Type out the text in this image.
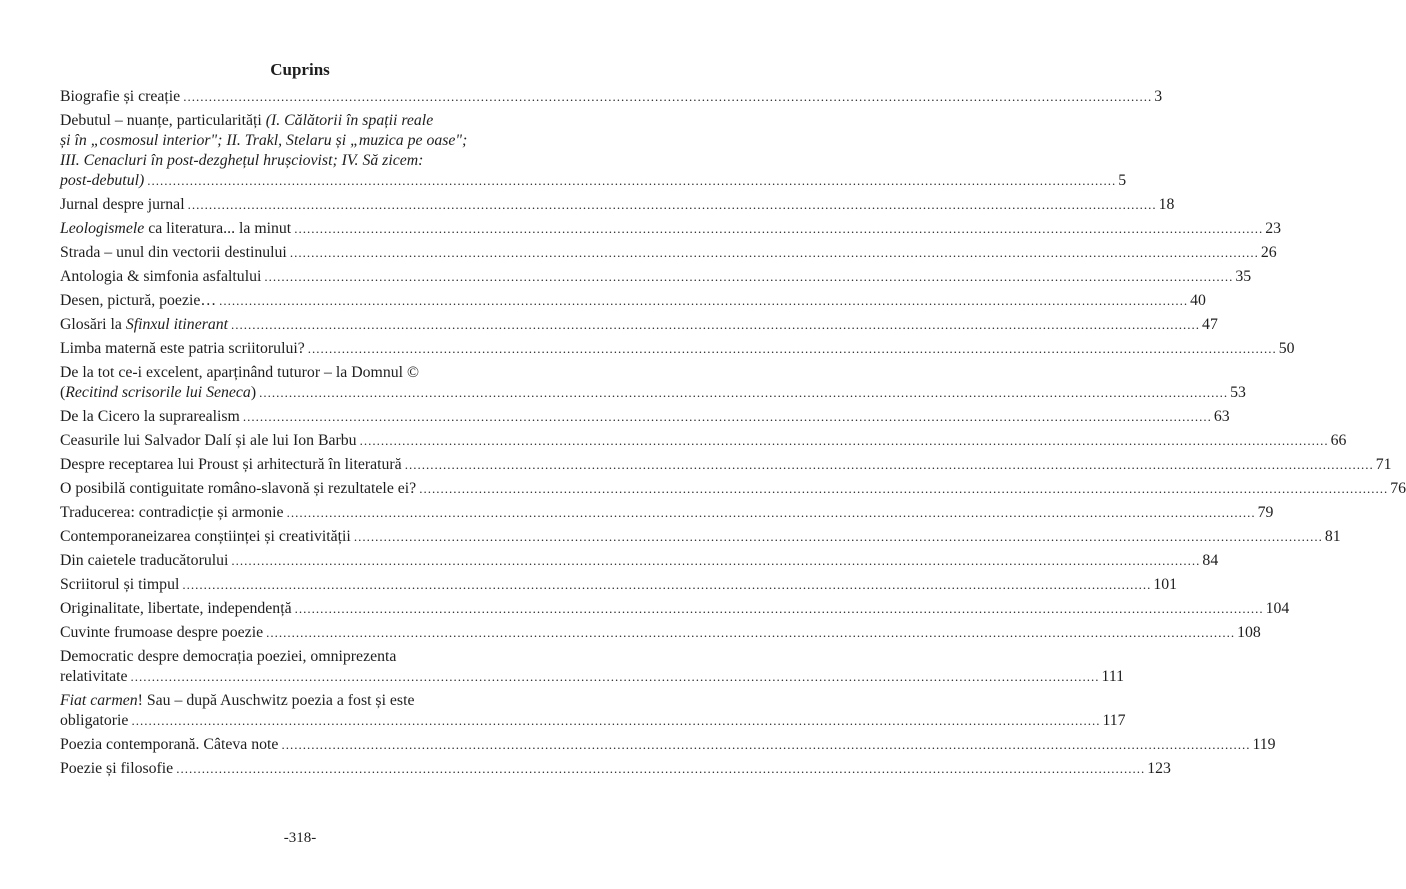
Cuprins
Biografie și creație .....	3
Debutul – nuanțe, particularități (I. Călătorii în spații reale
și în „cosmosul interior"; II. Trakl, Stelaru și „muzica pe oase";
III. Cenacluri în post-dezghețul hrușciovist; IV. Să zicem:
post-debutul) .....	5
Jurnal despre jurnal .....	18
Leologismele ca literatura... la minut .....	23
Strada – unul din vectorii destinului .....	26
Antologia & simfonia asfaltului .....	35
Desen, pictură, poezie… .....	40
Glosări la Sfinxul itinerant .....	47
Limba maternă este patria scriitorului? .....	50
De la tot ce-i excelent, aparținând tuturor – la Domnul ©
(Recitind scrisorile lui Seneca) .....	53
De la Cicero la suprarealism .....	63
Ceasurile lui Salvador Dalí și ale lui Ion Barbu .....	66
Despre receptarea lui Proust și arhitectură în literatură .....	71
O posibilă contiguitate româno-slavonă și rezultatele ei? .....	76
Traducerea: contradicție și armonie .....	79
Contemporaneizarea conștiinței și creativității .....	81
Din caietele traducătorului .....	84
Scriitorul și timpul .....	101
Originalitate, libertate, independență .....	104
Cuvinte frumoase despre poezie .....	108
Democratic despre democrația poeziei, omniprezenta
relativitate .....	111
Fiat carmen! Sau – după Auschwitz poezia a fost și este
obligatorie .....	117
Poezia contemporană. Câteva note .....	119
Poezie și filosofie .....	123
-318-
